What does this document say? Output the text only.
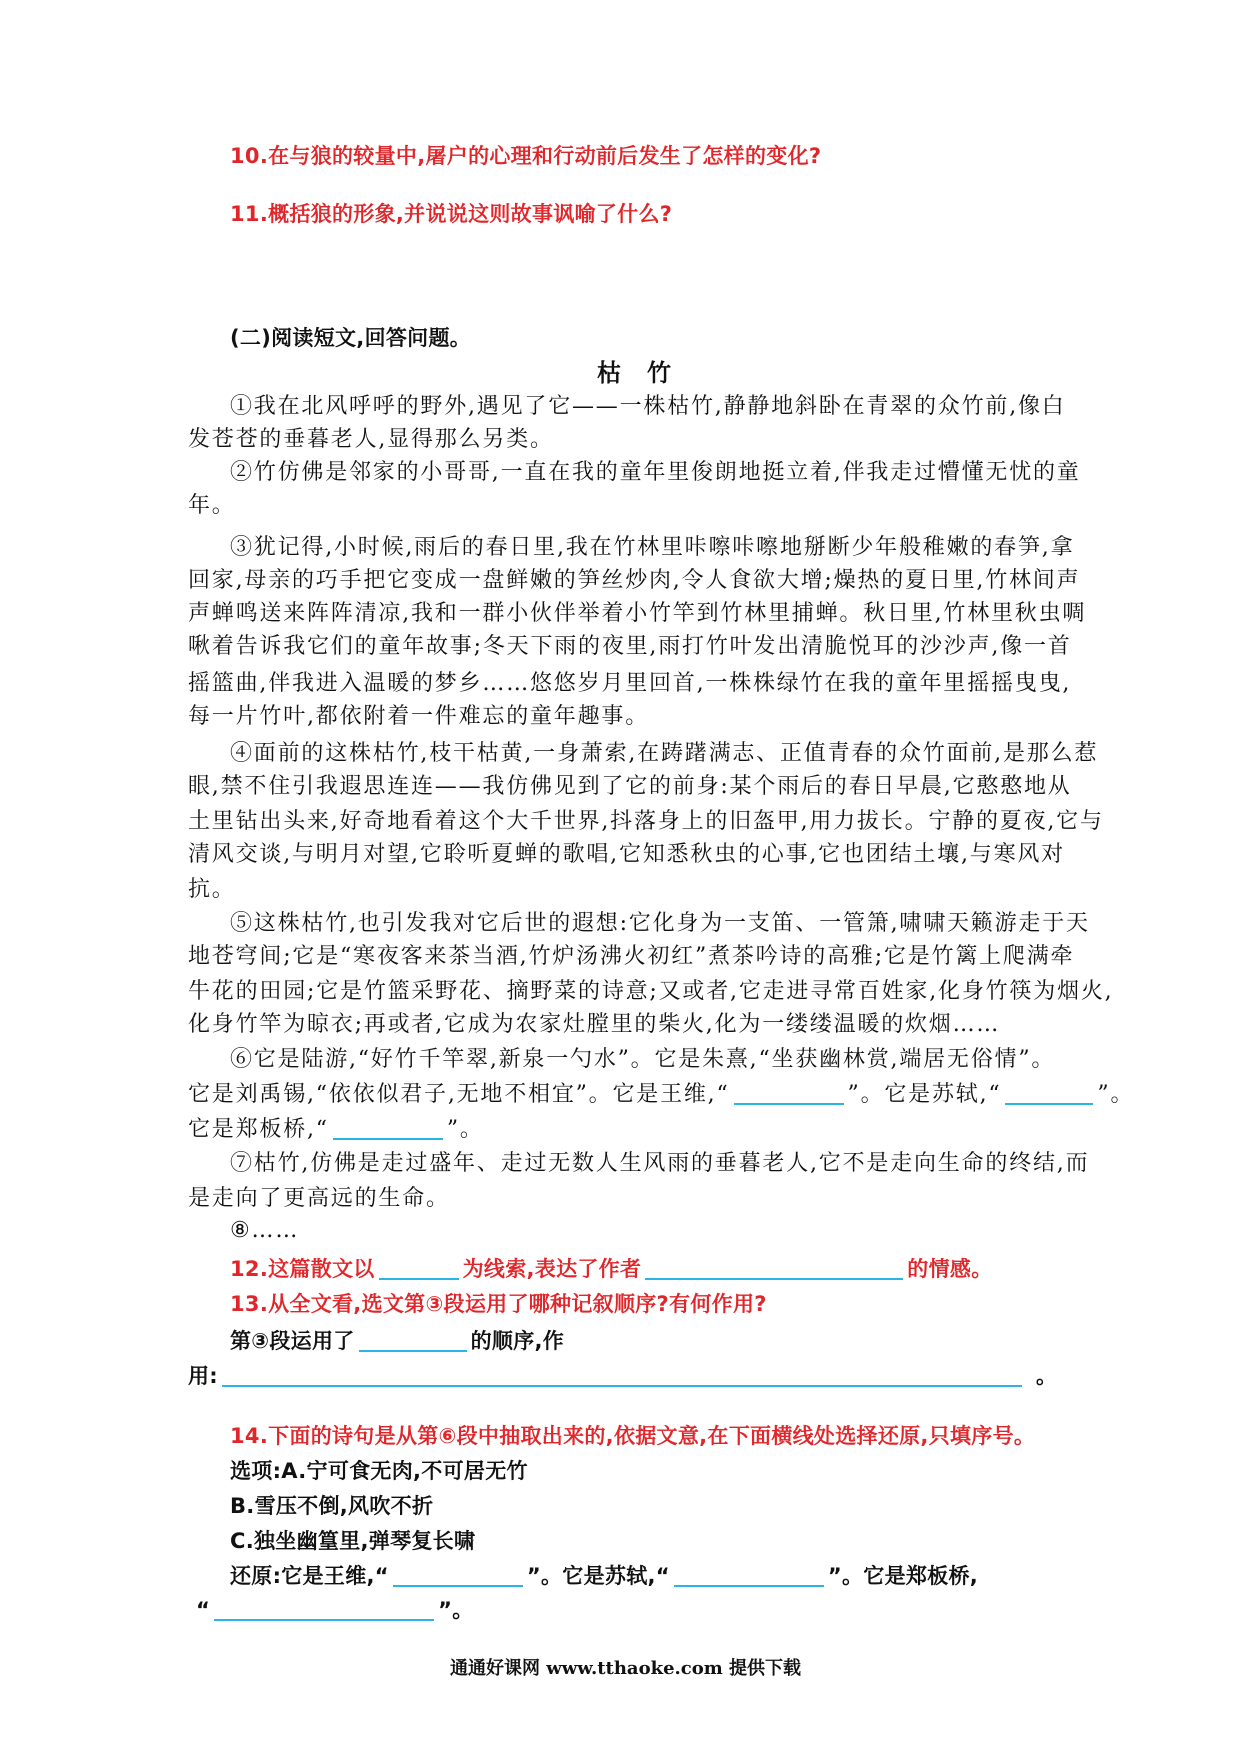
10.在与狼的较量中,屠户的心理和行动前后发生了怎样的变化?
11.概括狼的形象,并说说这则故事讽喻了什么?
(二)阅读短文,回答问题。
枯竹
①我在北风呼呼的野外,遇见了它——一株枯竹,静静地斜卧在青翠的众竹前,像白
发苍苍的垂暮老人,显得那么另类。
②竹仿佛是邻家的小哥哥,一直在我的童年里俊朗地挺立着,伴我走过懵懂无忧的童
年。
③犹记得,小时候,雨后的春日里,我在竹林里咔嚓咔嚓地掰断少年般稚嫩的春笋,拿
回家,母亲的巧手把它变成一盘鲜嫩的笋丝炒肉,令人食欲大增;燥热的夏日里,竹林间声
声蝉鸣送来阵阵清凉,我和一群小伙伴举着小竹竿到竹林里捕蝉。秋日里,竹林里秋虫啁
啾着告诉我它们的童年故事;冬天下雨的夜里,雨打竹叶发出清脆悦耳的沙沙声,像一首
摇篮曲,伴我进入温暖的梦乡……悠悠岁月里回首,一株株绿竹在我的童年里摇摇曳曳,
每一片竹叶,都依附着一件难忘的童年趣事。
④面前的这株枯竹,枝干枯黄,一身萧索,在踌躇满志、正值青春的众竹面前,是那么惹
眼,禁不住引我遐思连连——我仿佛见到了它的前身:某个雨后的春日早晨,它憨憨地从
土里钻出头来,好奇地看着这个大千世界,抖落身上的旧盔甲,用力拔长。宁静的夏夜,它与
清风交谈,与明月对望,它聆听夏蝉的歌唱,它知悉秋虫的心事,它也团结土壤,与寒风对
抗。
⑤这株枯竹,也引发我对它后世的遐想:它化身为一支笛、一管箫,啸啸天籁游走于天
地苍穹间;它是“寒夜客来茶当酒,竹炉汤沸火初红”煮茶吟诗的高雅;它是竹篱上爬满牵
牛花的田园;它是竹篮采野花、摘野菜的诗意;又或者,它走进寻常百姓家,化身竹筷为烟火,
化身竹竿为晾衣;再或者,它成为农家灶膛里的柴火,化为一缕缕温暖的炊烟……
⑥它是陆游,“好竹千竿翠,新泉一勺水”。它是朱熹,“坐获幽林赏,端居无俗情”。
它是刘禹锡,“依依似君子,无地不相宜”。它是王维,“	”。它是苏轼,“	”。
它是郑板桥,“	”。
⑦枯竹,仿佛是走过盛年、走过无数人生风雨的垂暮老人,它不是走向生命的终结,而
是走向了更高远的生命。
⑧……
12.这篇散文以	为线索,表达了作者	的情感。
13.从全文看,选文第③段运用了哪种记叙顺序?有何作用?
第③段运用了	的顺序,作
用:	。
14.下面的诗句是从第⑥段中抽取出来的,依据文意,在下面横线处选择还原,只填序号。
选项:A.宁可食无肉,不可居无竹
B.雪压不倒,风吹不折
C.独坐幽篁里,弹琴复长啸
还原:它是王维,“	”。它是苏轼,“	”。它是郑板桥,
“	”。
通通好课网 www.tthaoke.com 提供下载
